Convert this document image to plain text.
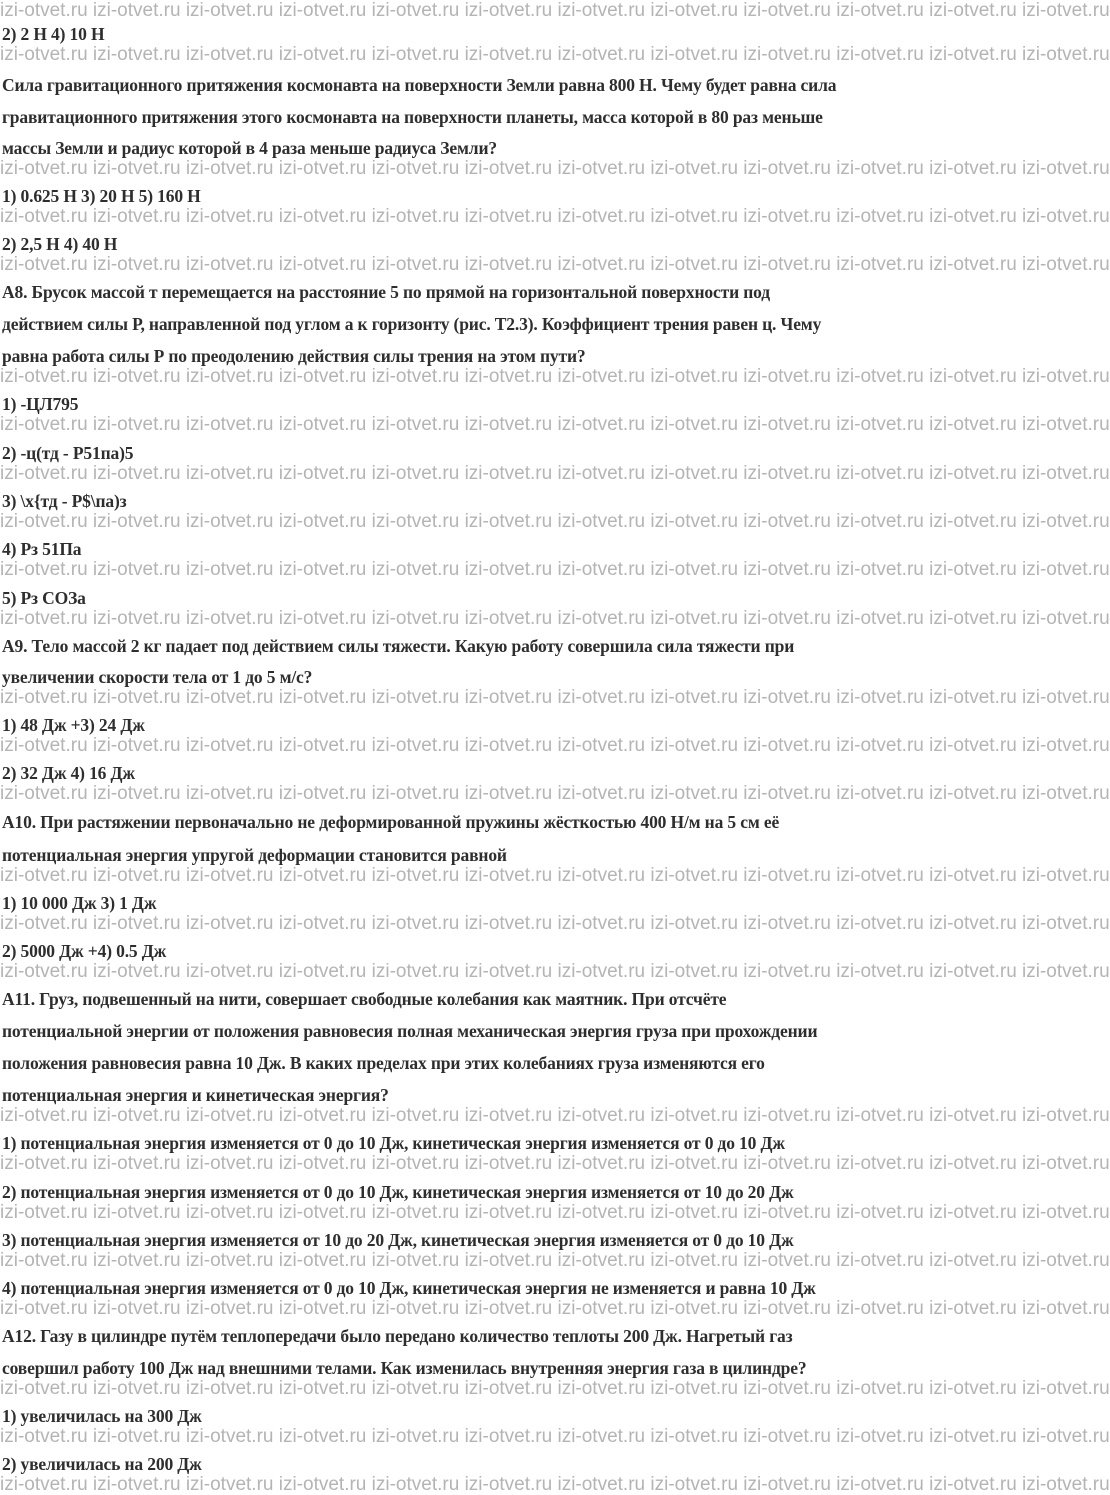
izi-otvet.ru izi-otvet.ru izi-otvet.ru izi-otvet.ru izi-otvet.ru izi-otvet.ru izi-otvet.ru izi-otvet.ru izi-otvet.ru izi-otvet.ru izi-otvet.ru izi-otvet.ru
izi-otvet.ru izi-otvet.ru izi-otvet.ru izi-otvet.ru izi-otvet.ru izi-otvet.ru izi-otvet.ru izi-otvet.ru izi-otvet.ru izi-otvet.ru izi-otvet.ru izi-otvet.ru
izi-otvet.ru izi-otvet.ru izi-otvet.ru izi-otvet.ru izi-otvet.ru izi-otvet.ru izi-otvet.ru izi-otvet.ru izi-otvet.ru izi-otvet.ru izi-otvet.ru izi-otvet.ru
izi-otvet.ru izi-otvet.ru izi-otvet.ru izi-otvet.ru izi-otvet.ru izi-otvet.ru izi-otvet.ru izi-otvet.ru izi-otvet.ru izi-otvet.ru izi-otvet.ru izi-otvet.ru
izi-otvet.ru izi-otvet.ru izi-otvet.ru izi-otvet.ru izi-otvet.ru izi-otvet.ru izi-otvet.ru izi-otvet.ru izi-otvet.ru izi-otvet.ru izi-otvet.ru izi-otvet.ru
izi-otvet.ru izi-otvet.ru izi-otvet.ru izi-otvet.ru izi-otvet.ru izi-otvet.ru izi-otvet.ru izi-otvet.ru izi-otvet.ru izi-otvet.ru izi-otvet.ru izi-otvet.ru
izi-otvet.ru izi-otvet.ru izi-otvet.ru izi-otvet.ru izi-otvet.ru izi-otvet.ru izi-otvet.ru izi-otvet.ru izi-otvet.ru izi-otvet.ru izi-otvet.ru izi-otvet.ru
izi-otvet.ru izi-otvet.ru izi-otvet.ru izi-otvet.ru izi-otvet.ru izi-otvet.ru izi-otvet.ru izi-otvet.ru izi-otvet.ru izi-otvet.ru izi-otvet.ru izi-otvet.ru
izi-otvet.ru izi-otvet.ru izi-otvet.ru izi-otvet.ru izi-otvet.ru izi-otvet.ru izi-otvet.ru izi-otvet.ru izi-otvet.ru izi-otvet.ru izi-otvet.ru izi-otvet.ru
izi-otvet.ru izi-otvet.ru izi-otvet.ru izi-otvet.ru izi-otvet.ru izi-otvet.ru izi-otvet.ru izi-otvet.ru izi-otvet.ru izi-otvet.ru izi-otvet.ru izi-otvet.ru
izi-otvet.ru izi-otvet.ru izi-otvet.ru izi-otvet.ru izi-otvet.ru izi-otvet.ru izi-otvet.ru izi-otvet.ru izi-otvet.ru izi-otvet.ru izi-otvet.ru izi-otvet.ru
izi-otvet.ru izi-otvet.ru izi-otvet.ru izi-otvet.ru izi-otvet.ru izi-otvet.ru izi-otvet.ru izi-otvet.ru izi-otvet.ru izi-otvet.ru izi-otvet.ru izi-otvet.ru
izi-otvet.ru izi-otvet.ru izi-otvet.ru izi-otvet.ru izi-otvet.ru izi-otvet.ru izi-otvet.ru izi-otvet.ru izi-otvet.ru izi-otvet.ru izi-otvet.ru izi-otvet.ru
izi-otvet.ru izi-otvet.ru izi-otvet.ru izi-otvet.ru izi-otvet.ru izi-otvet.ru izi-otvet.ru izi-otvet.ru izi-otvet.ru izi-otvet.ru izi-otvet.ru izi-otvet.ru
izi-otvet.ru izi-otvet.ru izi-otvet.ru izi-otvet.ru izi-otvet.ru izi-otvet.ru izi-otvet.ru izi-otvet.ru izi-otvet.ru izi-otvet.ru izi-otvet.ru izi-otvet.ru
izi-otvet.ru izi-otvet.ru izi-otvet.ru izi-otvet.ru izi-otvet.ru izi-otvet.ru izi-otvet.ru izi-otvet.ru izi-otvet.ru izi-otvet.ru izi-otvet.ru izi-otvet.ru
izi-otvet.ru izi-otvet.ru izi-otvet.ru izi-otvet.ru izi-otvet.ru izi-otvet.ru izi-otvet.ru izi-otvet.ru izi-otvet.ru izi-otvet.ru izi-otvet.ru izi-otvet.ru
izi-otvet.ru izi-otvet.ru izi-otvet.ru izi-otvet.ru izi-otvet.ru izi-otvet.ru izi-otvet.ru izi-otvet.ru izi-otvet.ru izi-otvet.ru izi-otvet.ru izi-otvet.ru
izi-otvet.ru izi-otvet.ru izi-otvet.ru izi-otvet.ru izi-otvet.ru izi-otvet.ru izi-otvet.ru izi-otvet.ru izi-otvet.ru izi-otvet.ru izi-otvet.ru izi-otvet.ru
izi-otvet.ru izi-otvet.ru izi-otvet.ru izi-otvet.ru izi-otvet.ru izi-otvet.ru izi-otvet.ru izi-otvet.ru izi-otvet.ru izi-otvet.ru izi-otvet.ru izi-otvet.ru
izi-otvet.ru izi-otvet.ru izi-otvet.ru izi-otvet.ru izi-otvet.ru izi-otvet.ru izi-otvet.ru izi-otvet.ru izi-otvet.ru izi-otvet.ru izi-otvet.ru izi-otvet.ru
izi-otvet.ru izi-otvet.ru izi-otvet.ru izi-otvet.ru izi-otvet.ru izi-otvet.ru izi-otvet.ru izi-otvet.ru izi-otvet.ru izi-otvet.ru izi-otvet.ru izi-otvet.ru
izi-otvet.ru izi-otvet.ru izi-otvet.ru izi-otvet.ru izi-otvet.ru izi-otvet.ru izi-otvet.ru izi-otvet.ru izi-otvet.ru izi-otvet.ru izi-otvet.ru izi-otvet.ru
izi-otvet.ru izi-otvet.ru izi-otvet.ru izi-otvet.ru izi-otvet.ru izi-otvet.ru izi-otvet.ru izi-otvet.ru izi-otvet.ru izi-otvet.ru izi-otvet.ru izi-otvet.ru
izi-otvet.ru izi-otvet.ru izi-otvet.ru izi-otvet.ru izi-otvet.ru izi-otvet.ru izi-otvet.ru izi-otvet.ru izi-otvet.ru izi-otvet.ru izi-otvet.ru izi-otvet.ru
2) 2 Н 4) 10 Н
Сила гравитационного притяжения космонавта на поверхности Земли равна 800 Н. Чему будет равна сила
гравитационного притяжения этого космонавта на поверхности планеты, масса которой в 80 раз меньше
массы Земли и радиус которой в 4 раза меньше радиуса Земли?
1) 0.625 Н 3) 20 Н 5) 160 Н
2) 2,5 Н 4) 40 Н
А8. Брусок массой т перемещается на расстояние 5 по прямой на горизонтальной поверхности под
действием силы Р, направленной под углом а к горизонту (рис. Т2.3). Коэффициент трения равен ц. Чему
равна работа силы Р по преодолению действия силы трения на этом пути?
1) -ЦЛ795
2) -ц(тд - Р51па)5
3) \х{тд - Р$\па)з
4) Рз 51Па
5) Рз СОЗа
А9. Тело массой 2 кг падает под действием силы тяжести. Какую работу совершила сила тяжести при
увеличении скорости тела от 1 до 5 м/с?
1) 48 Дж +3) 24 Дж
2) 32 Дж 4) 16 Дж
А10. При растяжении первоначально не деформированной пружины жёсткостью 400 Н/м на 5 см её
потенциальная энергия упругой деформации становится равной
1) 10 000 Дж 3) 1 Дж
2) 5000 Дж +4) 0.5 Дж
А11. Груз, подвешенный на нити, совершает свободные колебания как маятник. При отсчёте
потенциальной энергии от положения равновесия полная механическая энергия груза при прохождении
положения равновесия равна 10 Дж. В каких пределах при этих колебаниях груза изменяются его
потенциальная энергия и кинетическая энергия?
1) потенциальная энергия изменяется от 0 до 10 Дж, кинетическая энергия изменяется от 0 до 10 Дж
2) потенциальная энергия изменяется от 0 до 10 Дж, кинетическая энергия изменяется от 10 до 20 Дж
3) потенциальная энергия изменяется от 10 до 20 Дж, кинетическая энергия изменяется от 0 до 10 Дж
4) потенциальная энергия изменяется от 0 до 10 Дж, кинетическая энергия не изменяется и равна 10 Дж
А12. Газу в цилиндре путём теплопередачи было передано количество теплоты 200 Дж. Нагретый газ
совершил работу 100 Дж над внешними телами. Как изменилась внутренняя энергия газа в цилиндре?
1) увеличилась на 300 Дж
2) увеличилась на 200 Дж
